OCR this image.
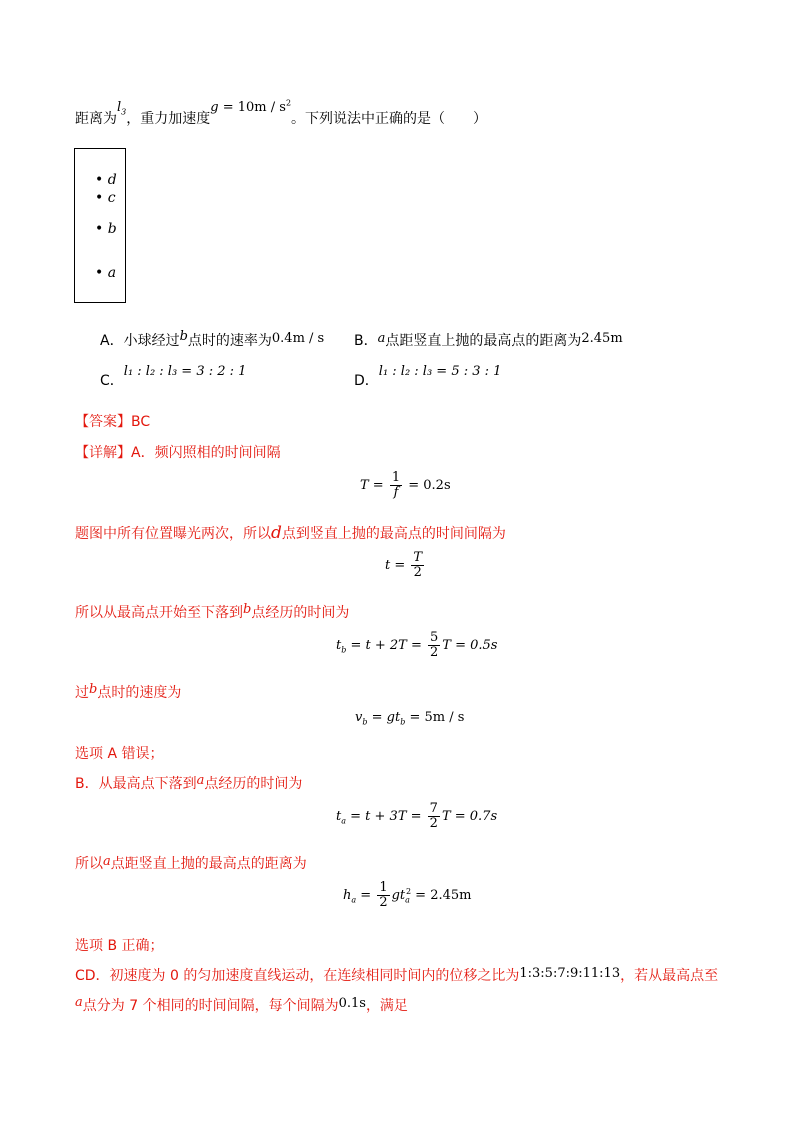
距离为$l_3$，重力加速度$g = 10m / s^2$。下列说法中正确的是（　　）
• d
• c
• b
• a
A．小球经过b点时的速率为0.4m / s B．a点距竖直上抛的最高点的距离为2.45m
C．l₁ : l₂ : l₃ = 3 : 2 : 1
D．l₁ : l₂ : l₃ = 5 : 3 : 1
【答案】BC
【详解】A．频闪照相的时间间隔
$T = \frac{1}{f} = 0.2s$
题图中所有位置曝光两次，所以d点到竖直上抛的最高点的时间间隔为
$t = \frac{T}{2}$
所以从最高点开始至下落到b点经历的时间为
$t_b = t + 2T = \frac{5}{2}$ T = 0.5s
过b点时的速度为
$v_b = gt_b = 5m / s$
选项 A 错误；
B．从最高点下落到a点经历的时间为
$t_a = t + 3T = \frac{7}{2}$ T = 0.7s
所以a点距竖直上抛的最高点的距离为
$h_a = \frac{1}{2} gt_a^2 = 2.45m$
选项 B 正确；
CD．初速度为 0 的匀加速度直线运动，在连续相同时间内的位移之比为1:3:5:7:9:11:13，若从最高点至
a点分为 7 个相同的时间间隔，每个间隔为0.1s，满足
